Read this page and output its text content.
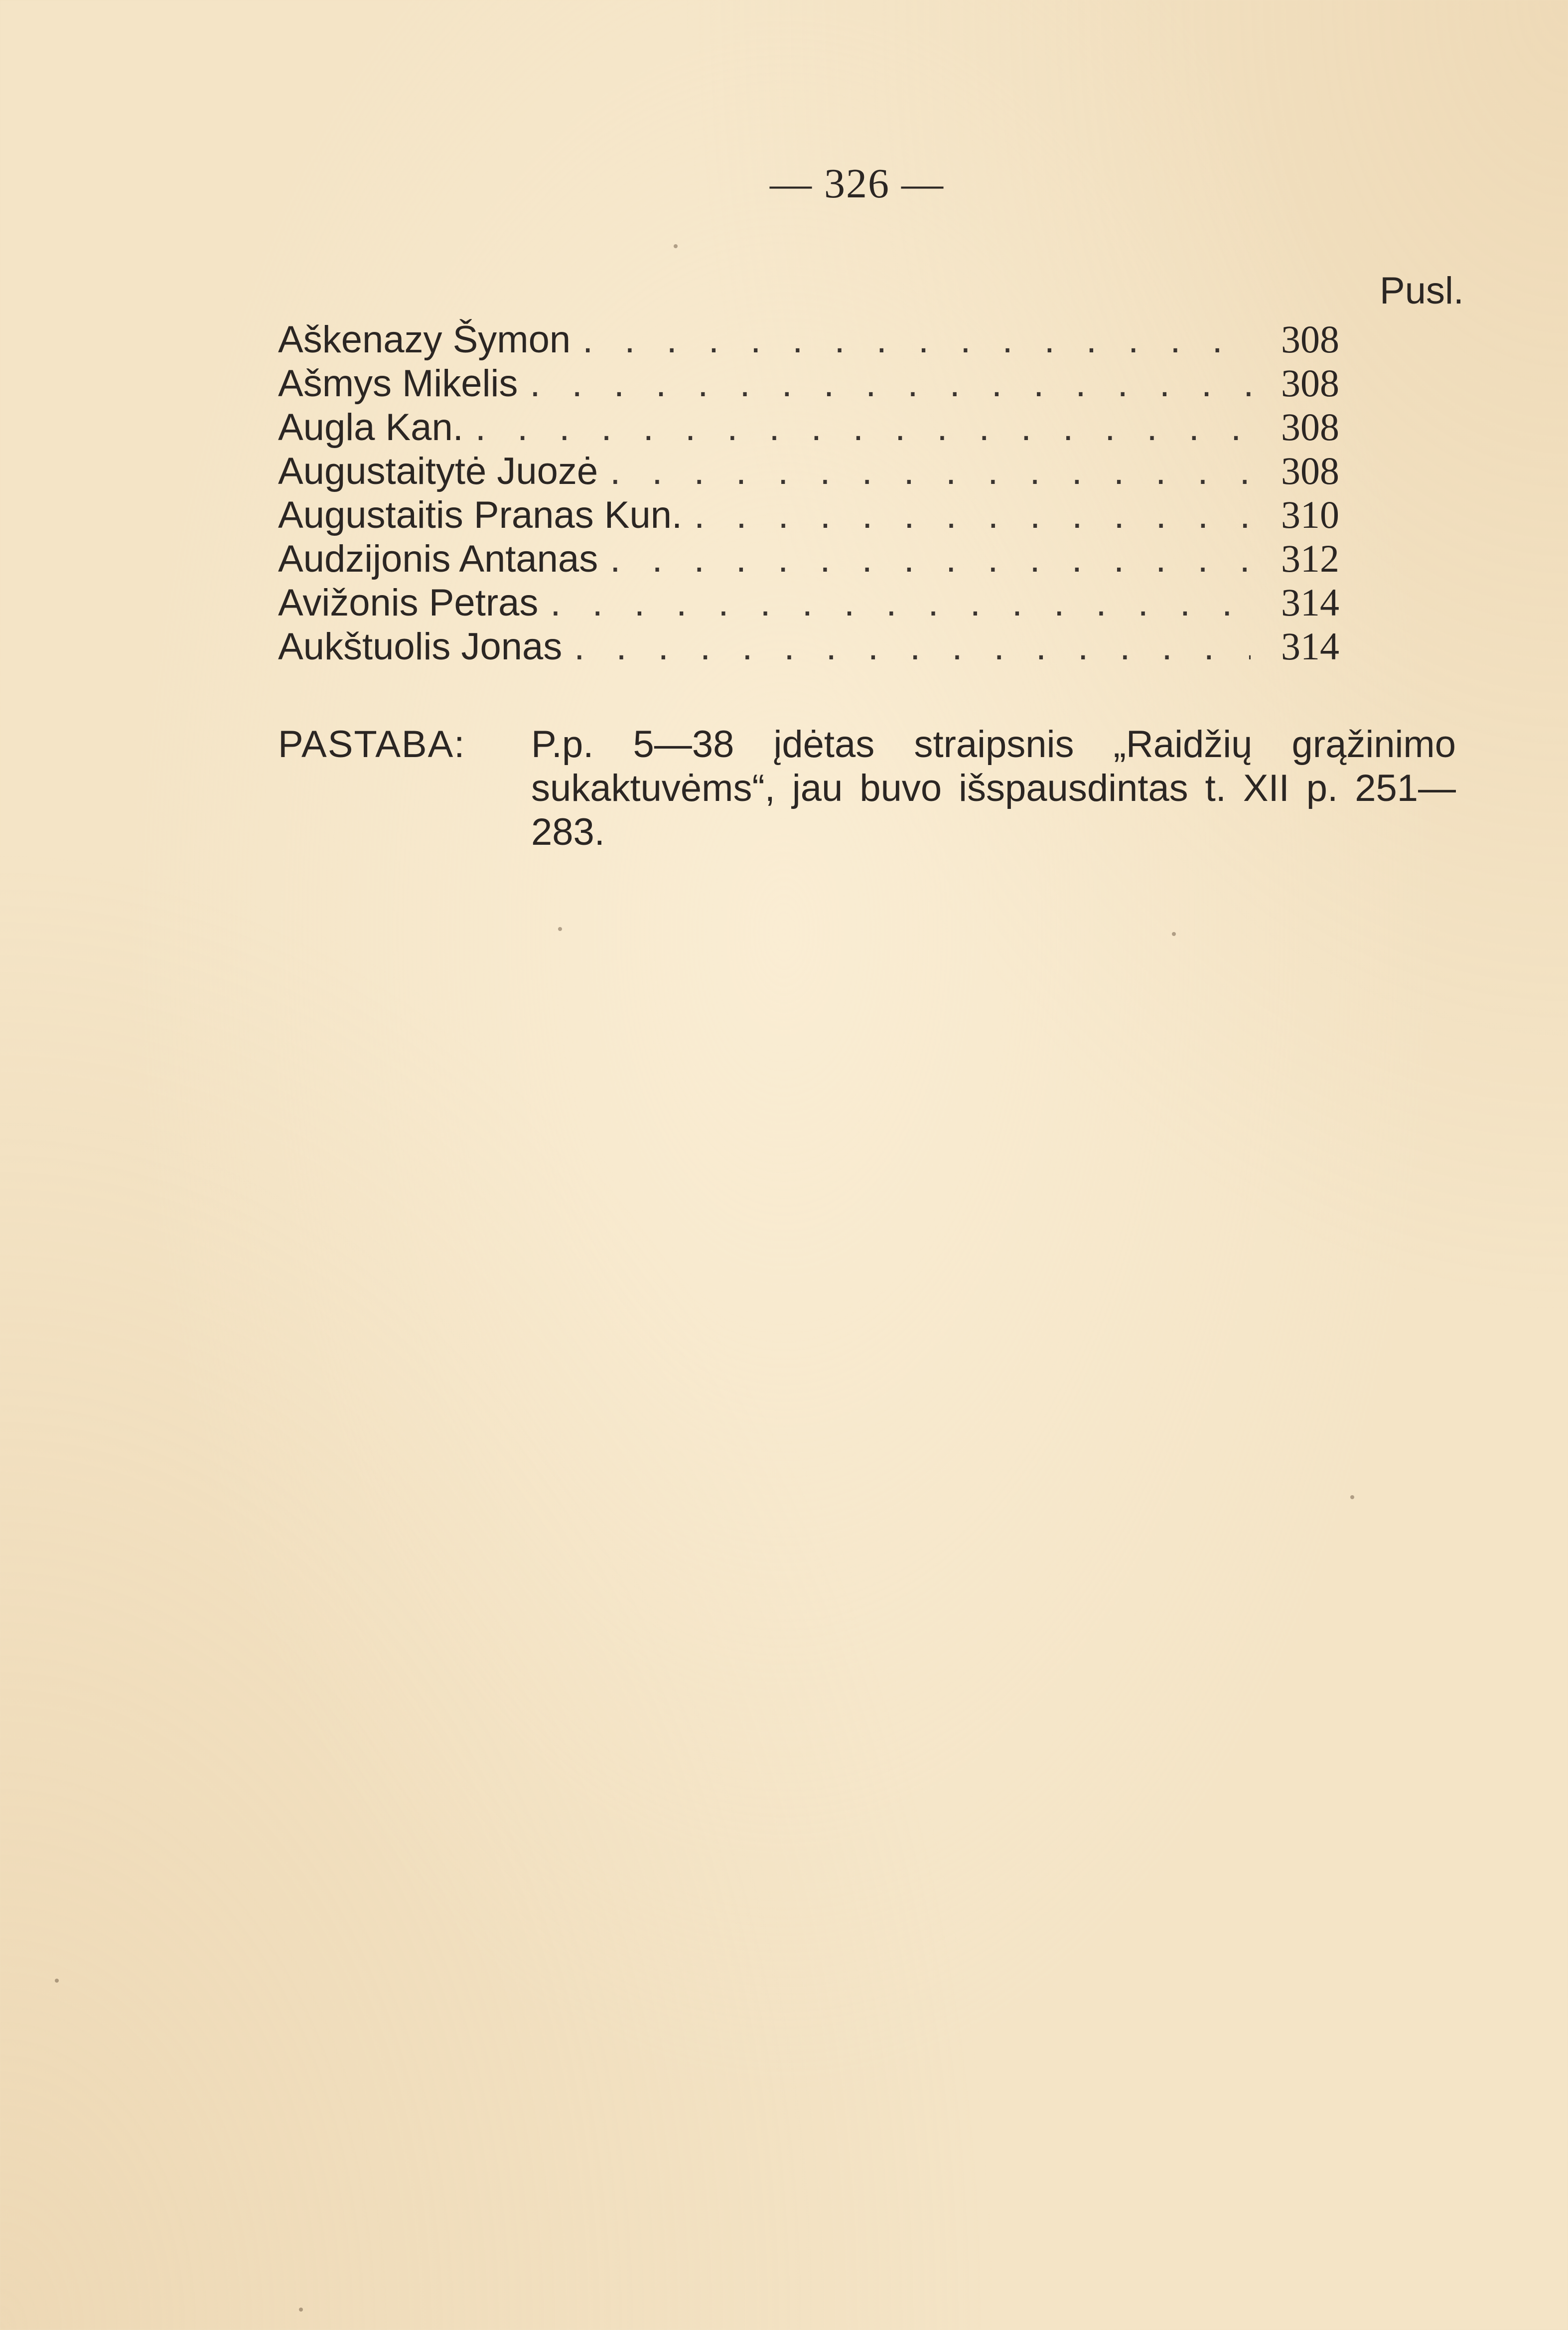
— 326 —
Pusl.
Aškenazy Šymon . . .	308
Ašmys Mikelis . . .	308
Augla Kan. . . .	308
Augustaitytė Juozė . . .	308
Augustaitis Pranas Kun. . . .	310
Audzijonis Antanas . . .	312
Avižonis Petras . . .	314
Aukštuolis Jonas . . .	314
PASTABA: P.p. 5—38 įdėtas straipsnis „Raidžių grąžinimo sukaktuvėms“, jau buvo išspausdintas t. XII p. 251—283.
